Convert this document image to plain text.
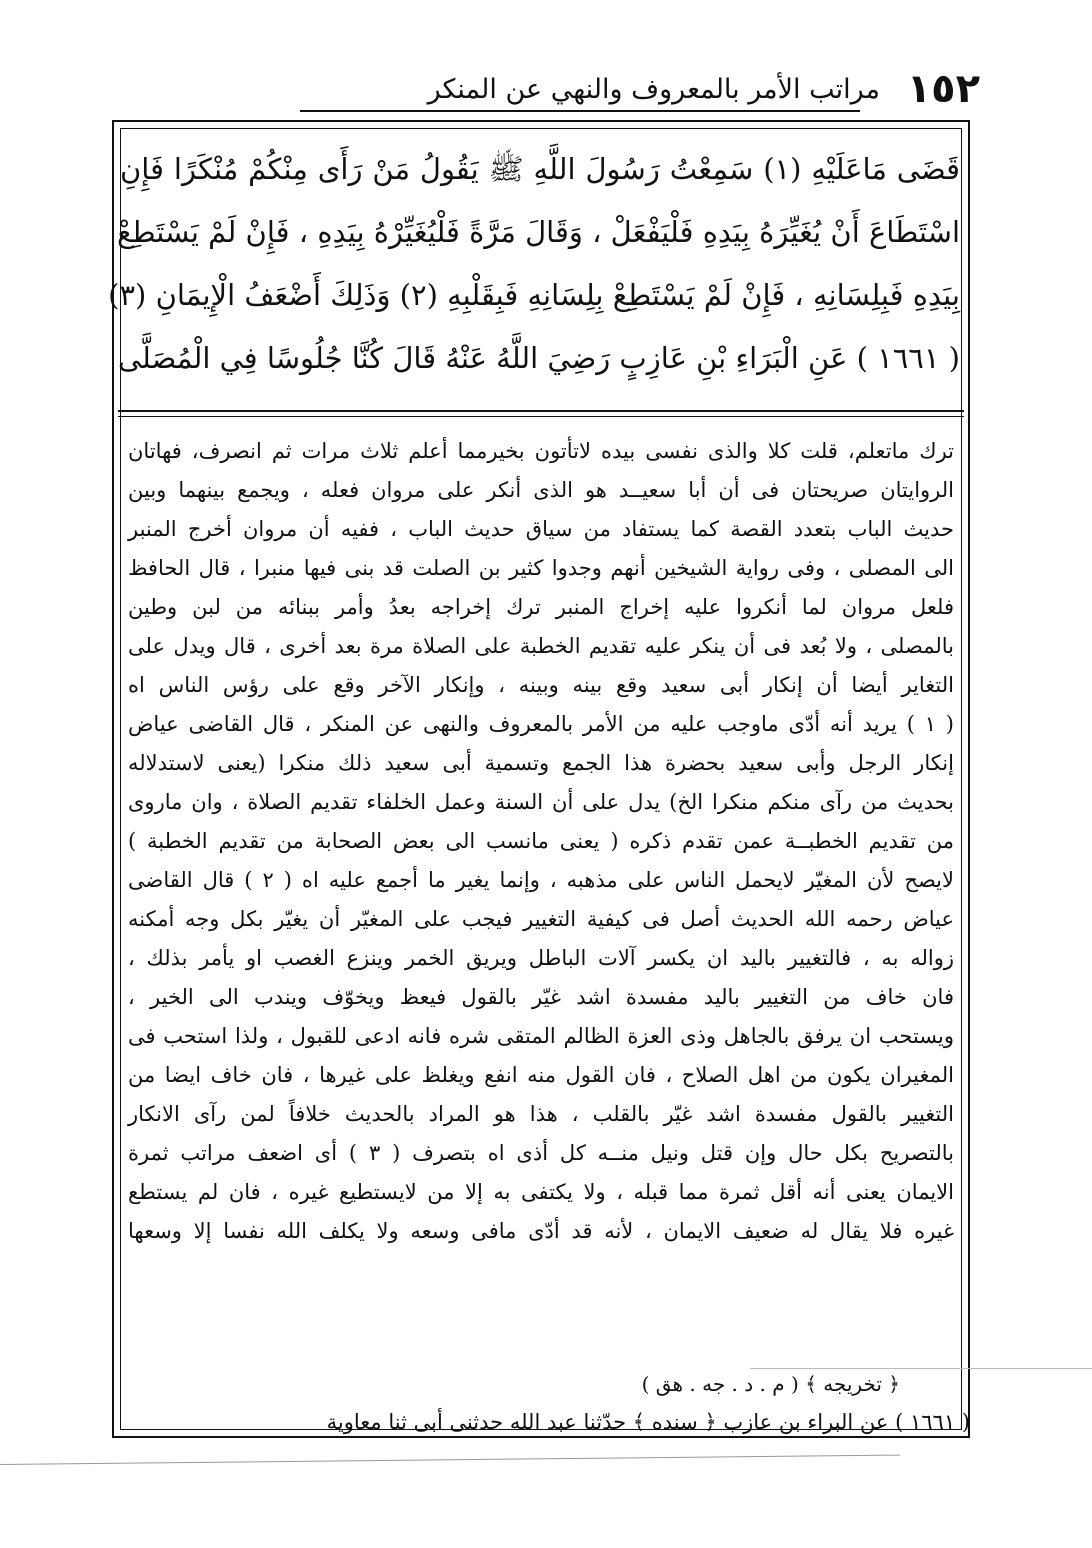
١٥٢
مراتب الأمر بالمعروف والنهي عن المنكر
قَضَى مَاعَلَيْهِ (١) سَمِعْتُ رَسُولَ اللَّهِ ﷺ يَقُولُ مَنْ رَأَى مِنْكُمْ مُنْكَرًا فَإِنِ
اسْتَطَاعَ أَنْ يُغَيِّرَهُ بِيَدِهِ فَلْيَفْعَلْ ، وَقَالَ مَرَّةً فَلْيُغَيِّرْهُ بِيَدِهِ ، فَإِنْ لَمْ يَسْتَطِعْ
بِيَدِهِ فَبِلِسَانِهِ ، فَإِنْ لَمْ يَسْتَطِعْ بِلِسَانِهِ فَبِقَلْبِهِ (٢) وَذَلِكَ أَضْعَفُ الْإِيمَانِ (٣)
( ١٦٦١ ) عَنِ الْبَرَاءِ بْنِ عَازِبٍ رَضِيَ اللَّهُ عَنْهُ قَالَ كُنَّا جُلُوسًا فِي الْمُصَلَّى
ترك ماتعلم، قلت كلا والذى نفسى بيده لاتأتون بخيرمما أعلم ثلاث مرات ثم انصرف، فهاتان
الروايتان صريحتان فى أن أبا سعيــد هو الذى أنكر على مروان فعله ، ويجمع بينهما وبين
حديث الباب بتعدد القصة كما يستفاد من سياق حديث الباب ، ففيه أن مروان أخرج المنبر
الى المصلى ، وفى رواية الشيخين أنهم وجدوا كثير بن الصلت قد بنى فيها منبرا ، قال الحافظ
فلعل مروان لما أنكروا عليه إخراج المنبر ترك إخراجه بعدُ وأمر ببنائه من لبن وطين
بالمصلى ، ولا بُعد فى أن ينكر عليه تقديم الخطبة على الصلاة مرة بعد أخرى ، قال ويدل على
التغاير أيضا أن إنكار أبى سعيد وقع بينه وبينه ، وإنكار الآخر وقع على رؤس الناس اه
( ١ ) يريد أنه أدّى ماوجب عليه من الأمر بالمعروف والنهى عن المنكر ، قال القاضى عياض
إنكار الرجل وأبى سعيد بحضرة هذا الجمع وتسمية أبى سعيد ذلك منكرا (يعنى لاستدلاله
بحديث من رآى منكم منكرا الخ) يدل على أن السنة وعمل الخلفاء تقديم الصلاة ، وان ماروى
من تقديم الخطبــة عمن تقدم ذكره ( يعنى مانسب الى بعض الصحابة من تقديم الخطبة )
لايصح لأن المغيّر لايحمل الناس على مذهبه ، وإنما يغير ما أجمع عليه اه ( ٢ ) قال القاضى
عياض رحمه الله الحديث أصل فى كيفية التغيير فيجب على المغيّر أن يغيّر بكل وجه أمكنه
زواله به ، فالتغيير باليد ان يكسر آلات الباطل ويريق الخمر وينزع الغصب او يأمر بذلك ،
فان خاف من التغيير باليد مفسدة اشد غيّر بالقول فيعظ ويخوّف ويندب الى الخير ،
ويستحب ان يرفق بالجاهل وذى العزة الظالم المتقى شره فانه ادعى للقبول ، ولذا استحب فى
المغيران يكون من اهل الصلاح ، فان القول منه انفع ويغلظ على غيرها ، فان خاف ايضا من
التغيير بالقول مفسدة اشد غيّر بالقلب ، هذا هو المراد بالحديث خلافاً لمن رآى الانكار
بالتصريح بكل حال وإن قتل ونيل منــه كل أذى اه بتصرف ( ٣ ) أى اضعف مراتب ثمرة
الايمان يعنى أنه أقل ثمرة مما قبله ، ولا يكتفى به إلا من لايستطيع غيره ، فان لم يستطع
غيره فلا يقال له ضعيف الايمان ، لأنه قد أدّى مافى وسعه ولا يكلف الله نفسا إلا وسعها
﴿ تخريجه ﴾ ( م . د . جه . هق )
( ١٦٦١ ) عن البراء بن عازب ﴿ سنده ﴾ حدّثنا عبد الله حدثنى أبى ثنا معاوية
